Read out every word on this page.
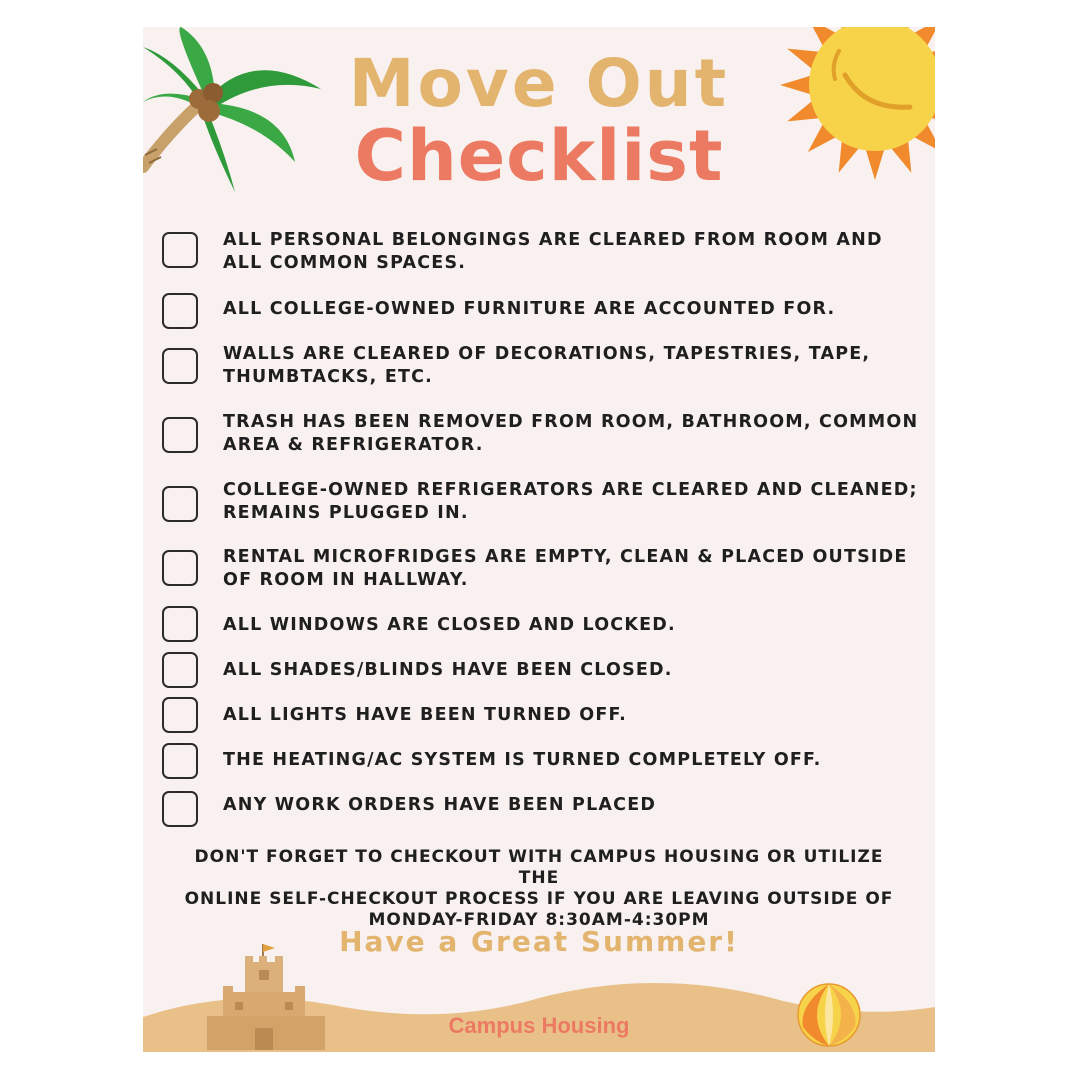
Move Out
Checklist
ALL PERSONAL BELONGINGS ARE CLEARED FROM ROOM AND
ALL COMMON SPACES.
ALL COLLEGE-OWNED FURNITURE ARE ACCOUNTED FOR.
WALLS ARE CLEARED OF DECORATIONS, TAPESTRIES, TAPE,
THUMBTACKS, ETC.
TRASH HAS BEEN REMOVED FROM ROOM, BATHROOM, COMMON
AREA & REFRIGERATOR.
COLLEGE-OWNED REFRIGERATORS ARE CLEARED AND CLEANED;
REMAINS PLUGGED IN.
RENTAL MICROFRIDGES ARE EMPTY, CLEAN & PLACED OUTSIDE
OF ROOM IN HALLWAY.
ALL WINDOWS ARE CLOSED AND LOCKED.
ALL SHADES/BLINDS HAVE BEEN CLOSED.
ALL LIGHTS HAVE BEEN TURNED OFF.
THE HEATING/AC SYSTEM IS TURNED COMPLETELY OFF.
ANY WORK ORDERS HAVE BEEN PLACED
DON'T FORGET TO CHECKOUT WITH CAMPUS HOUSING OR UTILIZE THE
ONLINE SELF-CHECKOUT PROCESS IF YOU ARE LEAVING OUTSIDE OF
MONDAY-FRIDAY 8:30AM-4:30PM
Have a Great Summer!
Campus Housing
